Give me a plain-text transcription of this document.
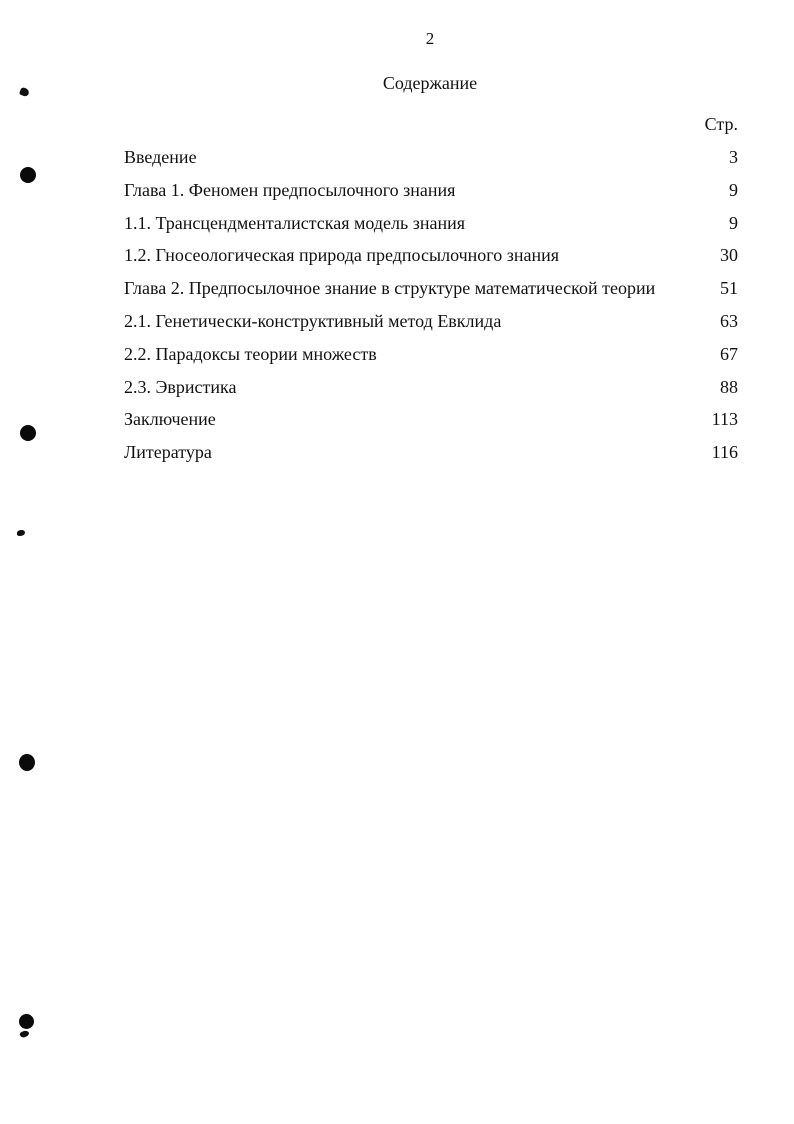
2
Содержание
Стр.
Введение	3
Глава 1. Феномен предпосылочного знания	9
1.1. Трансцендменталистская модель знания	9
1.2. Гносеологическая природа предпосылочного знания	30
Глава 2. Предпосылочное знание в структуре математической теории	51
2.1. Генетически-конструктивный метод Евклида	63
2.2. Парадоксы теории множеств	67
2.3. Эвристика	88
Заключение	113
Литература	116
